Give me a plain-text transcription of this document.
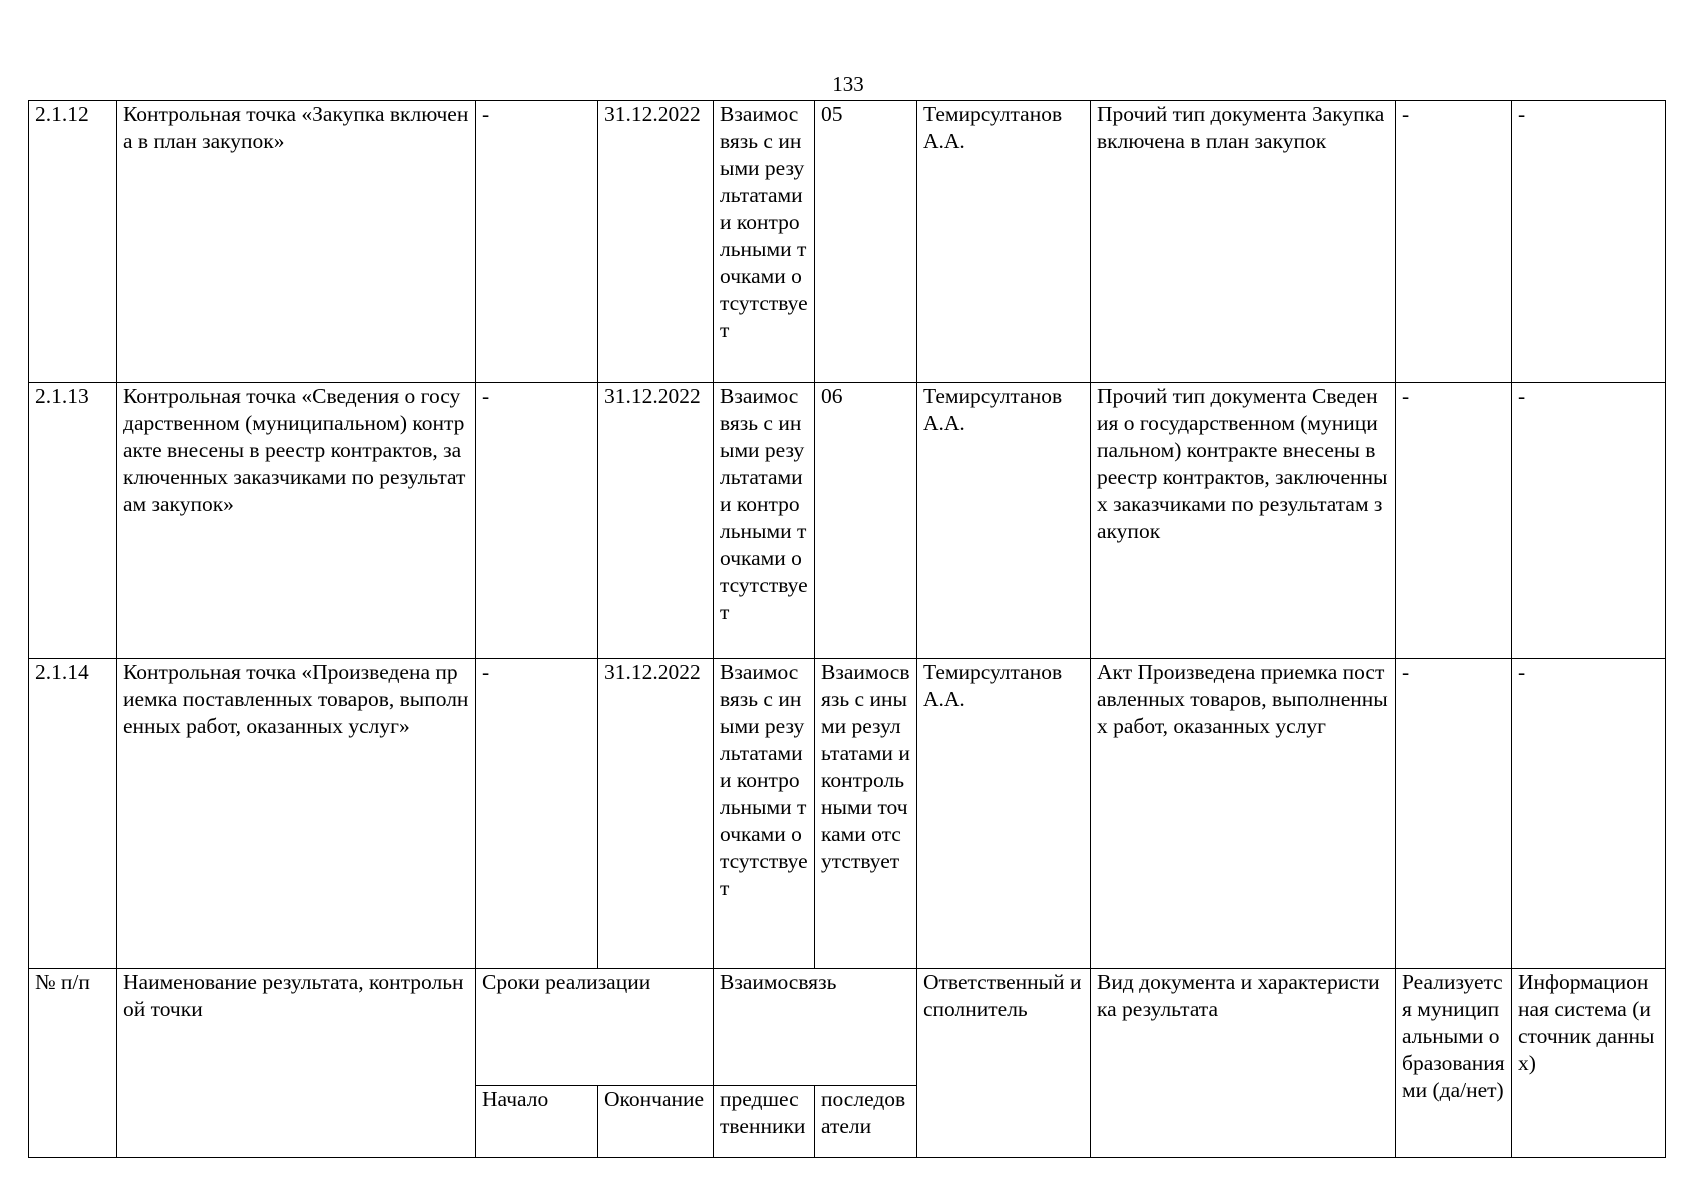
133
2.1.12	Контрольная точка «Закупка включена в план закупок»	-	31.12.2022	Взаимосвязь с иными результатами и контрольными точками отсутствует	05	Темирсултанов А.А.	Прочий тип документа Закупка включена в план закупок	-	-
2.1.13	Контрольная точка «Сведения о государственном (муниципальном) контракте внесены в реестр контрактов, заключенных заказчиками по результатам закупок»	-	31.12.2022	Взаимосвязь с иными результатами и контрольными точками отсутствует	06	Темирсултанов А.А.	Прочий тип документа Сведения о государственном (муниципальном) контракте внесены в реестр контрактов, заключенных заказчиками по результатам закупок	-	-
2.1.14	Контрольная точка «Произведена приемка поставленных товаров, выполненных работ, оказанных услуг»	-	31.12.2022	Взаимосвязь с иными результатами и контрольными точками отсутствует	Взаимосвязь с иными результатами и контрольными точками отсутствует	Темирсултанов А.А.	Акт Произведена приемка поставленных товаров, выполненных работ, оказанных услуг	-	-
№ п/п	Наименование результата, контрольной точки	Сроки реализации		Взаимосвязь		Ответственный исполнитель	Вид документа и характеристика результата	Реализуется муниципальными образованиями (да/нет)	Информационная система (источник данных)
		Начало	Окончание	предшественники	последователи				
